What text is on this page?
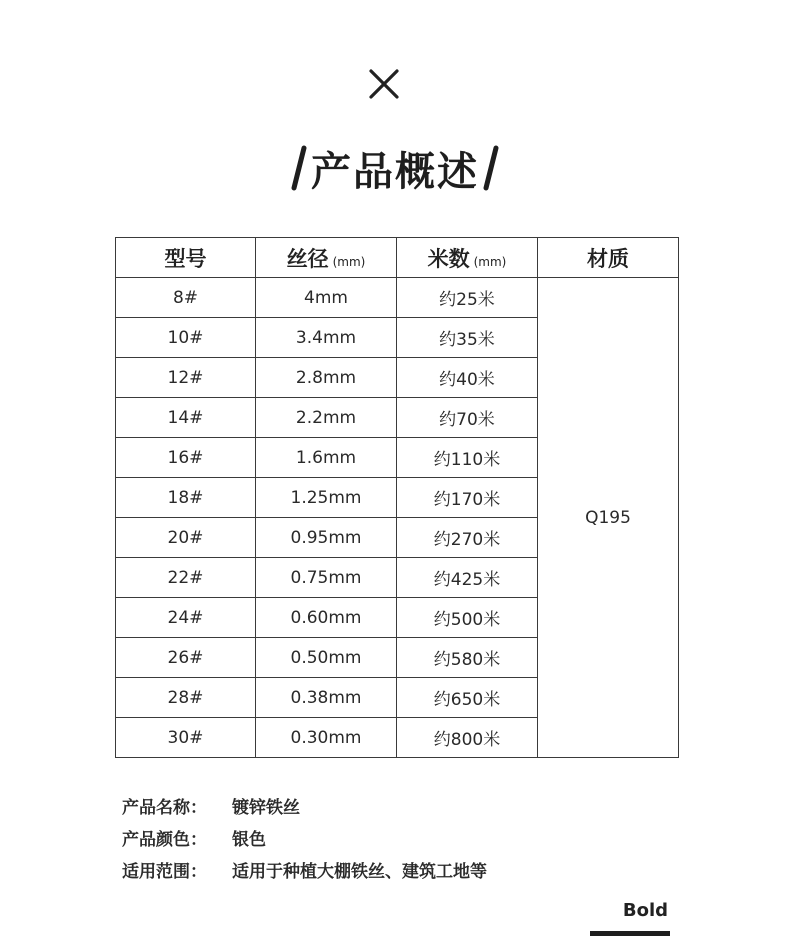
产品概述
型号	丝径 (mm)	米数 (mm)	材质
8#	4mm	约25米	Q195
10#	3.4mm	约35米	
12#	2.8mm	约40米	
14#	2.2mm	约70米	
16#	1.6mm	约110米	
18#	1.25mm	约170米	
20#	0.95mm	约270米	
22#	0.75mm	约425米	
24#	0.60mm	约500米	
26#	0.50mm	约580米	
28#	0.38mm	约650米	
30#	0.30mm	约800米	
产品名称：	镀锌铁丝
产品颜色：	银色
适用范围：	适用于种植大棚铁丝、建筑工地等
Bold
